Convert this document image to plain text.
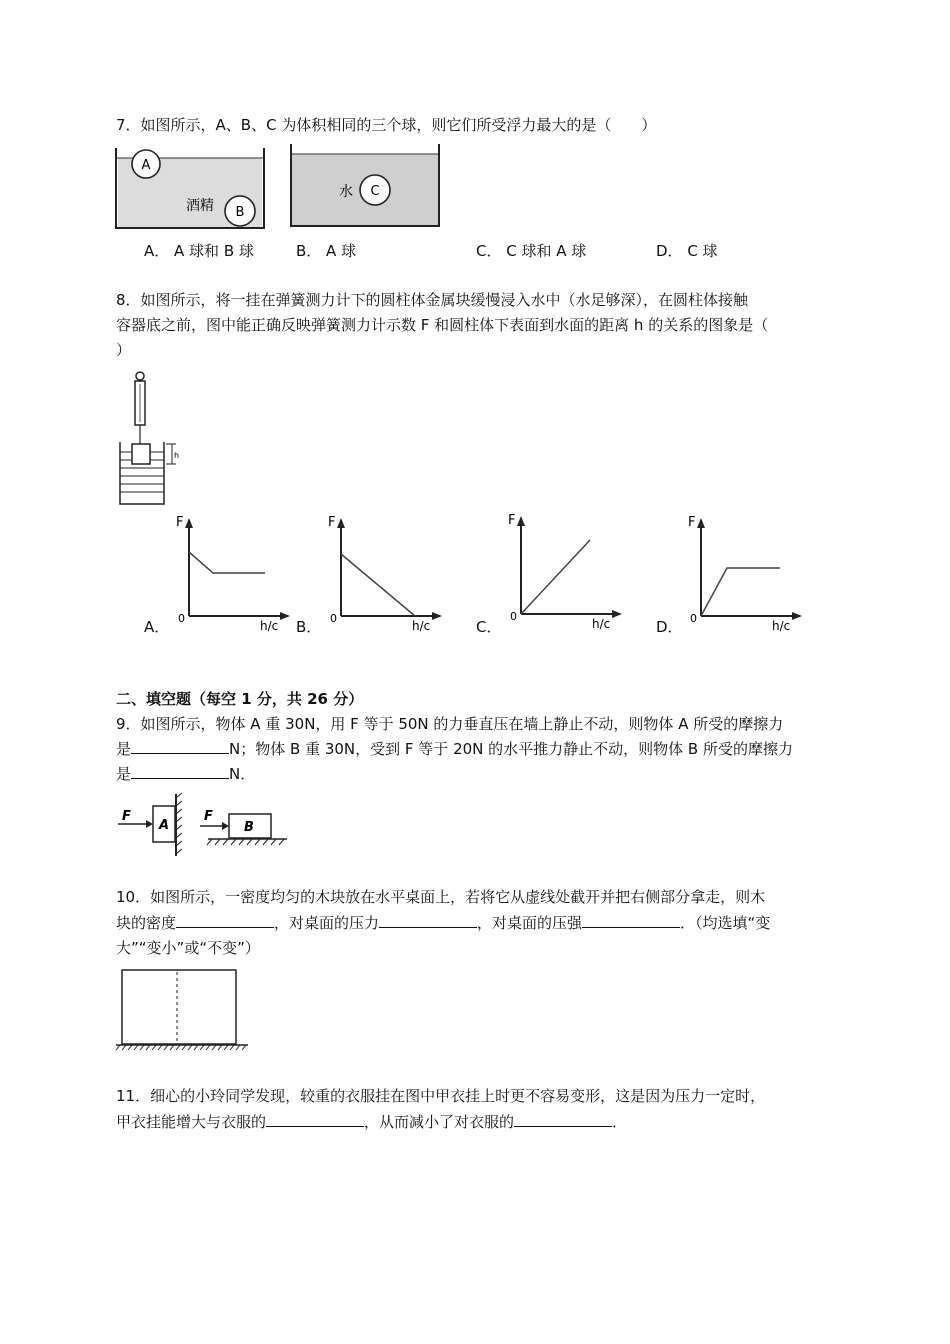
7．如图所示，A、B、C 为体积相同的三个球，则它们所受浮力最大的是（　　）
A
酒精 B
水 C
A． A 球和 B 球	B． A 球	C． C 球和 A 球	D． C 球
8．如图所示，将一挂在弹簧测力计下的圆柱体金属块缓慢浸入水中（水足够深），在圆柱体接触
容器底之前，图中能正确反映弹簧测力计示数 F 和圆柱体下表面到水面的距离 h 的关系的图象是（
）
h
F
0
h/c
F
0
h/c
F
0
h/c
F
0
h/c
A．	B．	C．	D．
二、填空题（每空 1 分，共 26 分）
9．如图所示，物体 A 重 30N，用 F 等于 50N 的力垂直压在墙上静止不动，则物体 A 所受的摩擦力
是	N；物体 B 重 30N，受到 F 等于 20N 的水平推力静止不动，则物体 B 所受的摩擦力
是	N．
F
A
F
B
10．如图所示，一密度均匀的木块放在水平桌面上，若将它从虚线处截开并把右侧部分拿走，则木
块的密度	，对桌面的压力	，对桌面的压强	．（均选填“变
大”“变小”或“不变”）
11．细心的小玲同学发现，较重的衣服挂在图中甲衣挂上时更不容易变形，这是因为压力一定时，
甲衣挂能增大与衣服的	，从而减小了对衣服的	．
